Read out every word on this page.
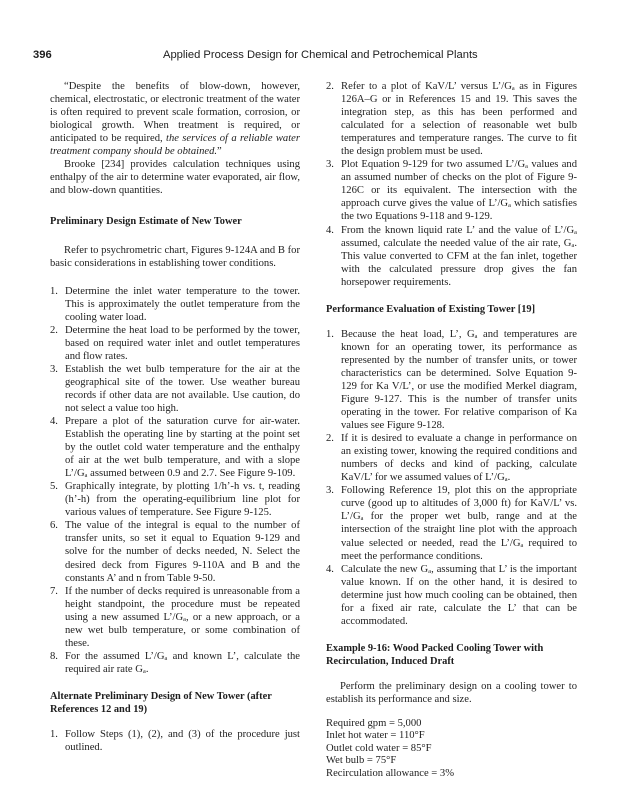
396	Applied Process Design for Chemical and Petrochemical Plants

“Despite the benefits of blow-down, however, chemical, electrostatic, or electronic treatment of the water is often required to prevent scale formation, corrosion, or biological growth. When treatment is required, or anticipated to be required, the services of a reliable water treatment company should be obtained.”

Brooke [234] provides calculation techniques using enthalpy of the air to determine water evaporated, air flow, and blow-down quantities.

Preliminary Design Estimate of New Tower

Refer to psychrometric chart, Figures 9-124A and B for basic considerations in establishing tower conditions.

1. Determine the inlet water temperature to the tower. This is approximately the outlet temperature from the cooling water load.
2. Determine the heat load to be performed by the tower, based on required water inlet and outlet temperatures and flow rates.
3. Establish the wet bulb temperature for the air at the geographical site of the tower. Use weather bureau records if other data are not available. Use caution, do not select a value too high.
4. Prepare a plot of the saturation curve for air-water. Establish the operating line by starting at the point set by the outlet cold water temperature and the enthalpy of air at the wet bulb temperature, and with a slope L’/Gₐ assumed between 0.9 and 2.7. See Figure 9-109.
5. Graphically integrate, by plotting 1/h’-h vs. t, reading (h’-h) from the operating-equilibrium line plot for various values of temperature. See Figure 9-125.
6. The value of the integral is equal to the number of transfer units, so set it equal to Equation 9-129 and solve for the number of decks needed, N. Select the desired deck from Figures 9-110A and B and the constants A’ and n from Table 9-50.
7. If the number of decks required is unreasonable from a height standpoint, the procedure must be repeated using a new assumed L’/Gₐ, or a new approach, or a new wet bulb temperature, or some combination of these.
8. For the assumed L’/Gₐ and known L’, calculate the required air rate Gₐ.
Alternate Preliminary Design of New Tower (after References 12 and 19)
1. Follow Steps (1), (2), and (3) of the procedure just outlined.
2. Refer to a plot of KaV/L’ versus L’/Gₐ as in Figures 126A–G or in References 15 and 19. This saves the integration step, as this has been performed and calculated for a selection of reasonable wet bulb temperatures and temperature ranges. The curve to fit the design problem must be used.
3. Plot Equation 9-129 for two assumed L’/Gₐ values and an assumed number of checks on the plot of Figure 9-126C or its equivalent. The intersection with the approach curve gives the value of L’/Gₐ which satisfies the two Equations 9-118 and 9-129.
4. From the known liquid rate L’ and the value of L’/Gₐ assumed, calculate the needed value of the air rate, Gₐ. This value converted to CFM at the fan inlet, together with the calculated pressure drop gives the fan horsepower requirements.
Performance Evaluation of Existing Tower [19]
1. Because the heat load, L’, Gₐ and temperatures are known for an operating tower, its performance as represented by the number of transfer units, or tower characteristics can be determined. Solve Equation 9-129 for Ka V/L’, or use the modified Merkel diagram, Figure 9-127. This is the number of transfer units operating in the tower. For relative comparison of Ka values see Figure 9-128.
2. If it is desired to evaluate a change in performance on an existing tower, knowing the required conditions and numbers of decks and kind of packing, calculate KaV/L’ for we assumed values of L’/Gₐ.
3. Following Reference 19, plot this on the appropriate curve (good up to altitudes of 3,000 ft) for KaV/L’ vs. L’/Gₐ for the proper wet bulb, range and at the intersection of the straight line plot with the approach value selected or needed, read the L’/Gₐ required to meet the performance conditions.
4. Calculate the new Gₐ, assuming that L’ is the important value known. If on the other hand, it is desired to determine just how much cooling can be obtained, then for a fixed air rate, calculate the L’ that can be accommodated.
Example 9-16: Wood Packed Cooling Tower with Recirculation, Induced Draft

Perform the preliminary design on a cooling tower to establish its performance and size.

Required gpm = 5,000
Inlet hot water = 110°F
Outlet cold water = 85°F
Wet bulb = 75°F
Recirculation allowance = 3%
